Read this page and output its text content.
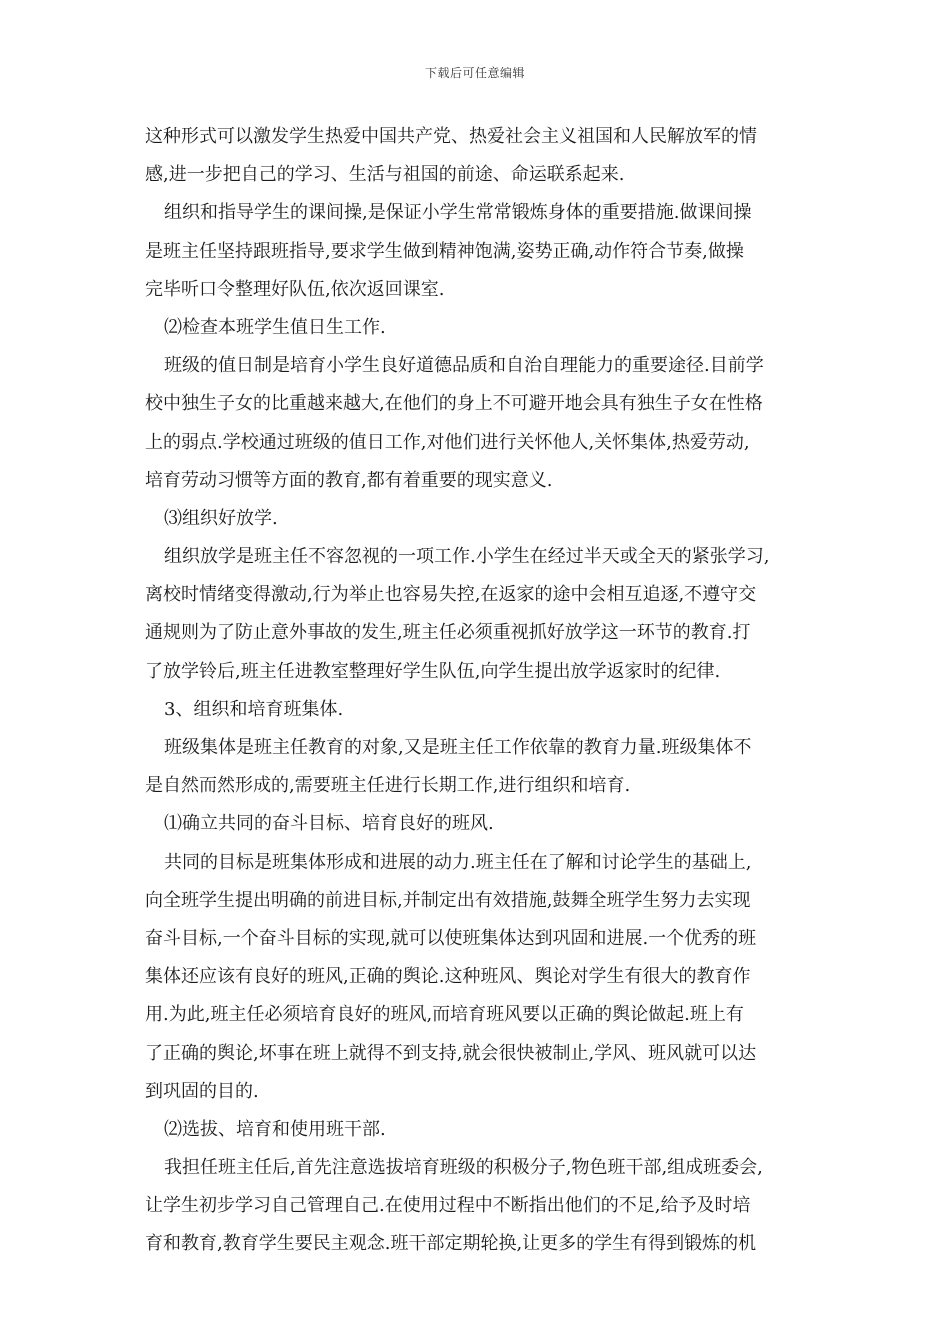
下载后可任意编辑
这种形式可以激发学生热爱中国共产党、热爱社会主义祖国和人民解放军的情
感,进一步把自己的学习、生活与祖国的前途、命运联系起来.
组织和指导学生的课间操,是保证小学生常常锻炼身体的重要措施.做课间操
是班主任坚持跟班指导,要求学生做到精神饱满,姿势正确,动作符合节奏,做操
完毕听口令整理好队伍,依次返回课室.
⑵检查本班学生值日生工作.
班级的值日制是培育小学生良好道德品质和自治自理能力的重要途径.目前学
校中独生子女的比重越来越大,在他们的身上不可避开地会具有独生子女在性格
上的弱点.学校通过班级的值日工作,对他们进行关怀他人,关怀集体,热爱劳动,
培育劳动习惯等方面的教育,都有着重要的现实意义.
⑶组织好放学.
组织放学是班主任不容忽视的一项工作.小学生在经过半天或全天的紧张学习,
离校时情绪变得激动,行为举止也容易失控,在返家的途中会相互追逐,不遵守交
通规则为了防止意外事故的发生,班主任必须重视抓好放学这一环节的教育.打
了放学铃后,班主任进教室整理好学生队伍,向学生提出放学返家时的纪律.
3、组织和培育班集体.
班级集体是班主任教育的对象,又是班主任工作依靠的教育力量.班级集体不
是自然而然形成的,需要班主任进行长期工作,进行组织和培育.
⑴确立共同的奋斗目标、培育良好的班风.
共同的目标是班集体形成和进展的动力.班主任在了解和讨论学生的基础上,
向全班学生提出明确的前进目标,并制定出有效措施,鼓舞全班学生努力去实现
奋斗目标,一个奋斗目标的实现,就可以使班集体达到巩固和进展.一个优秀的班
集体还应该有良好的班风,正确的舆论.这种班风、舆论对学生有很大的教育作
用.为此,班主任必须培育良好的班风,而培育班风要以正确的舆论做起.班上有
了正确的舆论,坏事在班上就得不到支持,就会很快被制止,学风、班风就可以达
到巩固的目的.
⑵选拔、培育和使用班干部.
我担任班主任后,首先注意选拔培育班级的积极分子,物色班干部,组成班委会,
让学生初步学习自己管理自己.在使用过程中不断指出他们的不足,给予及时培
育和教育,教育学生要民主观念.班干部定期轮换,让更多的学生有得到锻炼的机
